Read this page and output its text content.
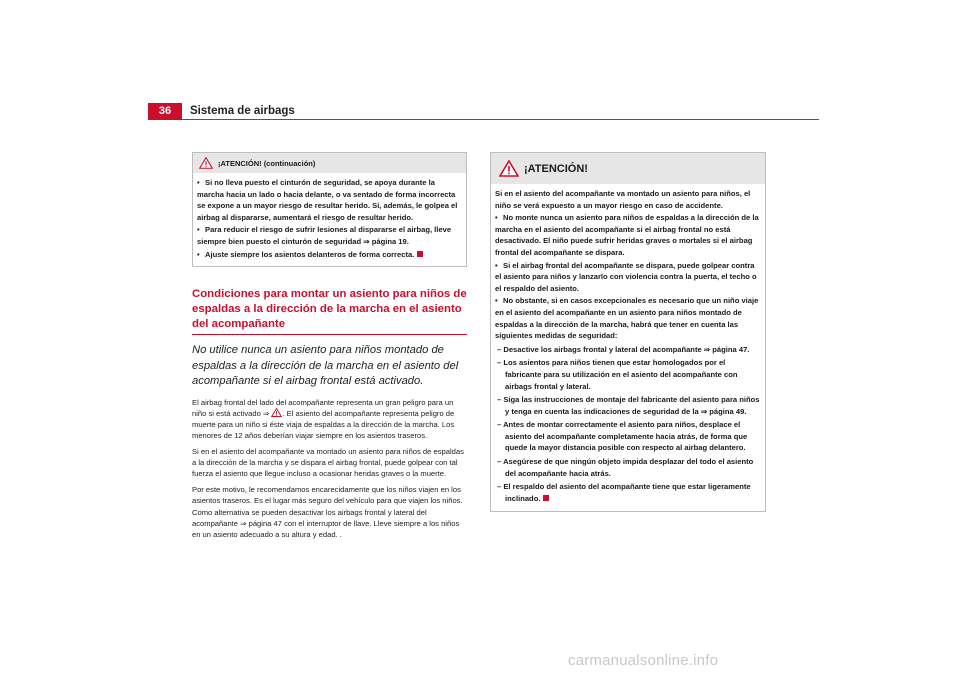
36	Sistema de airbags
¡ATENCIÓN! (continuación)

• Si no lleva puesto el cinturón de seguridad, se apoya durante la marcha hacia un lado o hacia delante, o va sentado de forma incorrecta se expone a un mayor riesgo de resultar herido. Si, además, le golpea el airbag al dispararse, aumentará el riesgo de resultar herido.

• Para reducir el riesgo de sufrir lesiones al dispararse el airbag, lleve siempre bien puesto el cinturón de seguridad ⇒ página 19.

• Ajuste siempre los asientos delanteros de forma correcta.

Condiciones para montar un asiento para niños de espaldas a la dirección de la marcha en el asiento del acompañante
No utilice nunca un asiento para niños montado de espaldas a la dirección de la marcha en el asiento del acompañante si el airbag frontal está activado.

El airbag frontal del lado del acompañante representa un gran peligro para un niño si está activado ⇒ . El asiento del acompañante representa peligro de muerte para un niño si éste viaja de espaldas a la dirección de la marcha. Los menores de 12 años deberían viajar siempre en los asientos traseros.

Si en el asiento del acompañante va montado un asiento para niños de espaldas a la dirección de la marcha y se dispara el airbag frontal, puede golpear con tal fuerza el asiento que llegue incluso a ocasionar heridas graves o la muerte.

Por este motivo, le recomendamos encarecidamente que los niños viajen en los asientos traseros. Es el lugar más seguro del vehículo para que viajen los niños. Como alternativa se pueden desactivar los airbags frontal y lateral del acompañante ⇒ página 47 con el interruptor de llave. Lleve siempre a los niños en un asiento adecuado a su altura y edad. .

¡ATENCIÓN!

Si en el asiento del acompañante va montado un asiento para niños, el niño se verá expuesto a un mayor riesgo en caso de accidente.

• No monte nunca un asiento para niños de espaldas a la dirección de la marcha en el asiento del acompañante si el airbag frontal no está desactivado. El niño puede sufrir heridas graves o mortales si el airbag frontal del acompañante se dispara.

• Si el airbag frontal del acompañante se dispara, puede golpear contra el asiento para niños y lanzarlo con violencia contra la puerta, el techo o el respaldo del asiento.

• No obstante, si en casos excepcionales es necesario que un niño viaje en el asiento del acompañante en un asiento para niños montado de espaldas a la dirección de la marcha, habrá que tener en cuenta las siguientes medidas de seguridad:

– Desactive los airbags frontal y lateral del acompañante ⇒ página 47.
– Los asientos para niños tienen que estar homologados por el fabricante para su utilización en el asiento del acompañante con airbags frontal y lateral.
– Siga las instrucciones de montaje del fabricante del asiento para niños y tenga en cuenta las indicaciones de seguridad de la ⇒ página 49.
– Antes de montar correctamente el asiento para niños, desplace el asiento del acompañante completamente hacia atrás, de forma que quede la mayor distancia posible con respecto al airbag delantero.
– Asegúrese de que ningún objeto impida desplazar del todo el asiento del acompañante hacia atrás.
– El respaldo del asiento del acompañante tiene que estar ligeramente inclinado.
carmanualsonline.info
